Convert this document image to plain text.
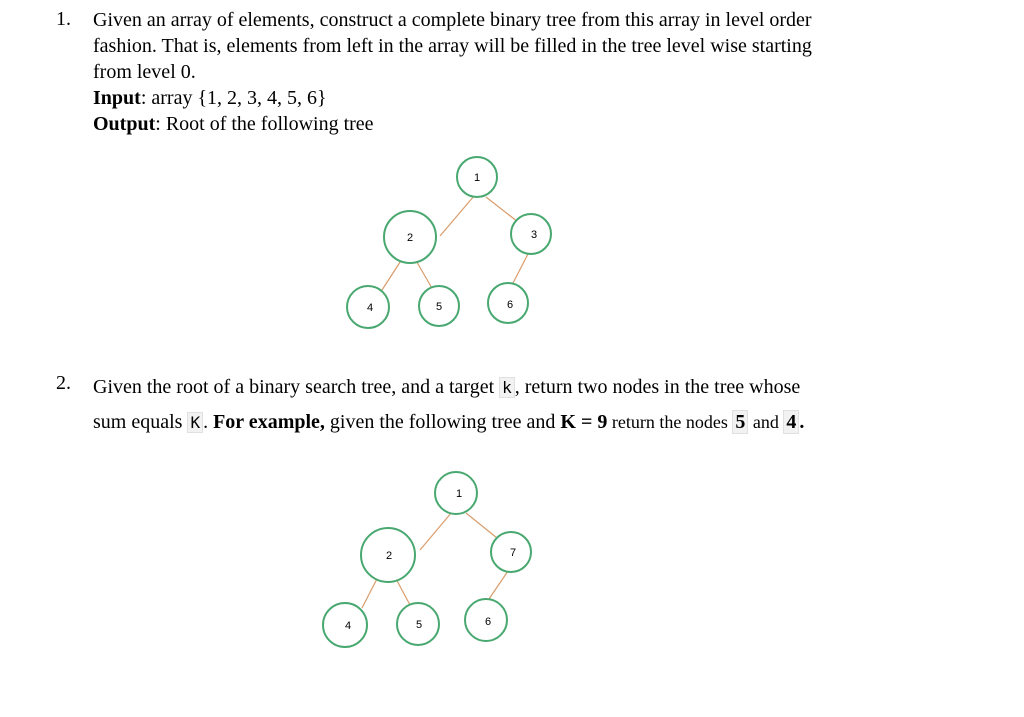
1. Given an array of elements, construct a complete binary tree from this array in level order

fashion. That is, elements from left in the array will be filled in the tree level wise starting

from level 0.

Input: array {1, 2, 3, 4, 5, 6}

Output: Root of the following tree

2. Given the root of a binary search tree, and a target k , return two nodes in the tree whose

sum equals K . For example, given the following tree and K = 9 return the nodes 5 and 4 .

1
2	3
4	5	6
1
2	7
4	5	6
